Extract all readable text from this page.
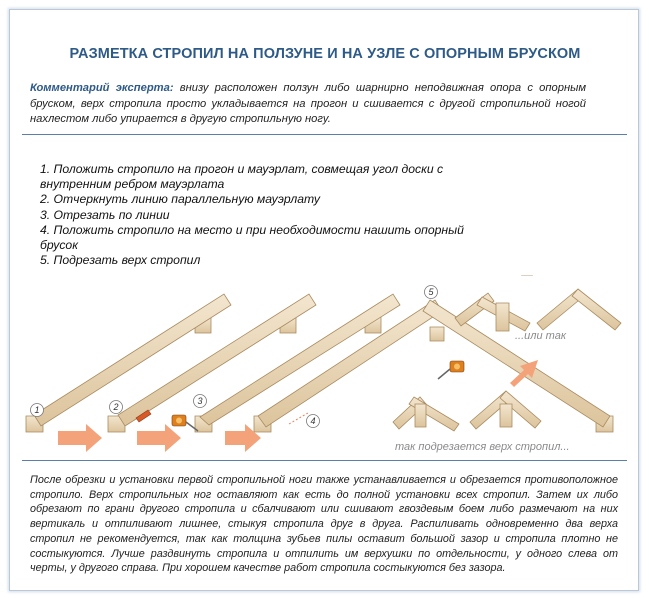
РАЗМЕТКА СТРОПИЛ НА ПОЛЗУНЕ И НА УЗЛЕ С ОПОРНЫМ БРУСКОМ
Комментарий эксперта: внизу расположен ползун либо шарнирно неподвижная опора с опорным бруском, верх стропила просто укладывается на прогон и сшивается с другой стропильной ногой нахлестом либо упирается в другую стропильную ногу.
1. Положить стропило на прогон и мауэрлат, совмещая угол доски с
внутренним ребром мауэрлата
2. Отчеркнуть линию параллельную мауэрлату
3. Отрезать по линии
4. Положить стропило на место и при необходимости нашить опорный брусок
5. Подрезать верх стропил
1	2
3
4
5
...или так
так подрезается верх стропил...
После обрезки и установки первой стропильной ноги также устанавливается и обрезается противоположное стропило. Верх стропильных ног оставляют как есть до полной установки всех стропил. Затем их либо обрезают по грани другого стропила и сбалчивают или сшивают гвоздевым боем либо размечают на них вертикаль и отпиливают лишнее, стыкуя стропила друг в друга. Распиливать одновременно два верха стропил не рекомендуется, так как толщина зубьев пилы оставит большой зазор и стропила плотно не состыкуются. Лучше раздвинуть стропила и отпилить им верхушки по отдельности, у одного слева от черты, у другого справа. При хорошем качестве работ стропила состыкуются без зазора.
